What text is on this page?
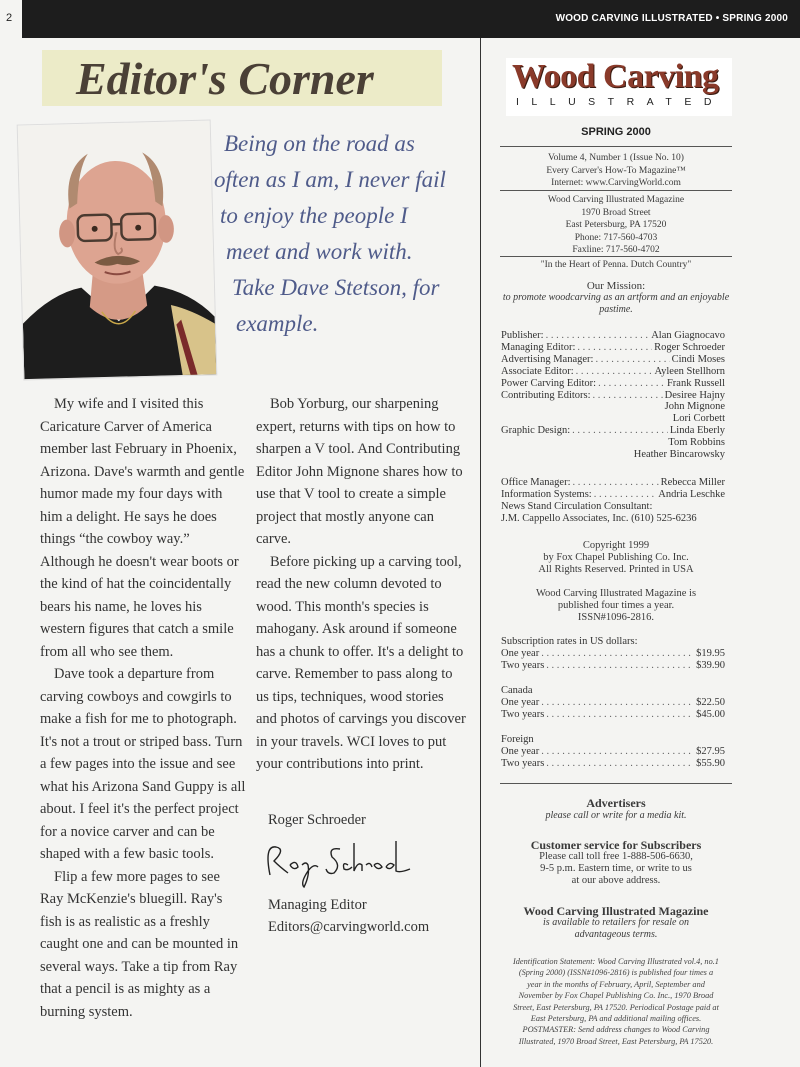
2	WOOD CARVING ILLUSTRATED • SPRING 2000
Editor's Corner
Being on the road as
often as I am, I never fail
to enjoy the people I
meet and work with.
Take Dave Stetson, for
example.

My wife and I visited this Caricature Carver of America member last February in Phoenix, Arizona. Dave's warmth and gentle humor made my four days with him a delight. He says he does things “the cowboy way.” Although he doesn't wear boots or the kind of hat the coincidentally bears his name, he loves his western figures that catch a smile from all who see them.

Dave took a departure from carving cowboys and cowgirls to make a fish for me to photograph. It's not a trout or striped bass. Turn a few pages into the issue and see what his Arizona Sand Guppy is all about. I feel it's the perfect project for a novice carver and can be shaped with a few basic tools.

Flip a few more pages to see Ray McKenzie's bluegill. Ray's fish is as realistic as a freshly caught one and can be mounted in several ways. Take a tip from Ray that a pencil is as mighty as a burning system.

Bob Yorburg, our sharpening expert, returns with tips on how to sharpen a V tool. And Contributing Editor John Mignone shares how to use that V tool to create a simple project that mostly anyone can carve.

Before picking up a carving tool, read the new column devoted to wood. This month's species is mahogany. Ask around if someone has a chunk to offer. It's a delight to carve. Remember to pass along to us tips, techniques, wood stories and photos of carvings you discover in your travels. WCI loves to put your contributions into print.

Roger Schroeder
Managing Editor
Editors@carvingworld.com
Wood Carving
ILLUSTRATED
SPRING 2000
Volume 4, Number 1 (Issue No. 10)
Every Carver's How-To Magazine™
Internet: www.CarvingWorld.com
Wood Carving Illustrated Magazine
1970 Broad Street
East Petersburg, PA 17520
Phone: 717-560-4703
Faxline: 717-560-4702
"In the Heart of Penna. Dutch Country"
Our Mission:
to promote woodcarving as an artform and an enjoyable pastime.
Publisher: . . .	Alan Giagnocavo
Managing Editor: . . .	Roger Schroeder
Advertising Manager: . . .	Cindi Moses
Associate Editor: . . .	Ayleen Stellhorn
Power Carving Editor: . . .	Frank Russell
Contributing Editors: . . .	Desiree Hajny
John Mignone
Lori Corbett
Graphic Design: . . .	Linda Eberly
Tom Robbins
Heather Bincarowsky
Office Manager: . . .	Rebecca Miller
Information Systems: . . .	Andria Leschke
News Stand Circulation Consultant:
J.M. Cappello Associates, Inc. (610) 525-6236
Copyright 1999
by Fox Chapel Publishing Co. Inc.
All Rights Reserved. Printed in USA
Wood Carving Illustrated Magazine is
published four times a year.
ISSN#1096-2816.
Subscription rates in US dollars:
One year . . .	$19.95
Two years . . .	$39.90
Canada
One year . . .	$22.50
Two years . . .	$45.00
Foreign
One year . . .	$27.95
Two years . . .	$55.90
Advertisers
please call or write for a media kit.
Customer service for Subscribers
Please call toll free 1-888-506-6630,
9-5 p.m. Eastern time, or write to us
at our above address.
Wood Carving Illustrated Magazine
is available to retailers for resale on
advantageous terms.
Identification Statement: Wood Carving Illustrated vol.4, no.1
(Spring 2000) (ISSN#1096-2816) is published four times a
year in the months of February, April, September and
November by Fox Chapel Publishing Co. Inc., 1970 Broad
Street, East Petersburg, PA 17520. Periodical Postage paid at
East Petersburg, PA and additional mailing offices.
POSTMASTER: Send address changes to Wood Carving
Illustrated, 1970 Broad Street, East Petersburg, PA 17520.
